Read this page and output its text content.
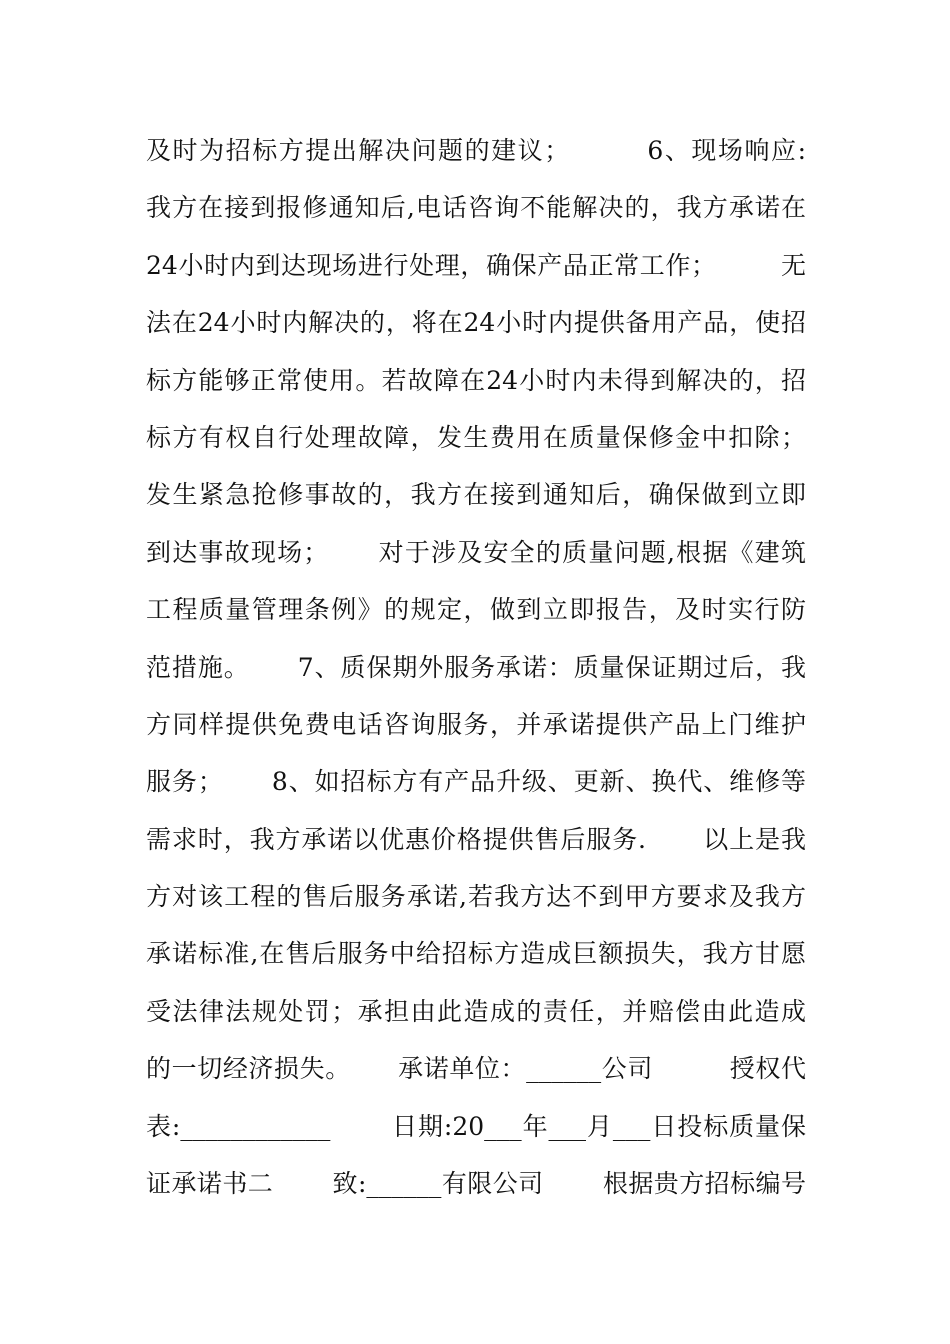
及时为招标方提出解决问题的建议；　　　 6、现场响应:
我方在接到报修通知后,电话咨询不能解决的，我方承诺在
24小时内到达现场进行处理，确保产品正常工作；　　　无
法在24小时内解决的，将在24小时内提供备用产品，使招
标方能够正常使用。若故障在24小时内未得到解决的，招
标方有权自行处理故障，发生费用在质量保修金中扣除；
发生紧急抢修事故的，我方在接到通知后，确保做到立即
到达事故现场；　　 对于涉及安全的质量问题,根据《建筑
工程质量管理条例》的规定，做到立即报告，及时实行防
范措施。　　 7、质保期外服务承诺：质量保证期过后，我
方同样提供免费电话咨询服务，并承诺提供产品上门维护
服务；　　 8、如招标方有产品升级、更新、换代、维修等
需求时，我方承诺以优惠价格提供售后服务．　　以上是我
方对该工程的售后服务承诺,若我方达不到甲方要求及我方
承诺标准,在售后服务中给招标方造成巨额损失，我方甘愿
受法律法规处罚；承担由此造成的责任，并赔偿由此造成
的一切经济损失。　　 承诺单位：______公司　　　授权代
表:____________　　 日期:20___年___月___日投标质量保
证承诺书二　　 致:______有限公司　　 根据贵方招标编号
